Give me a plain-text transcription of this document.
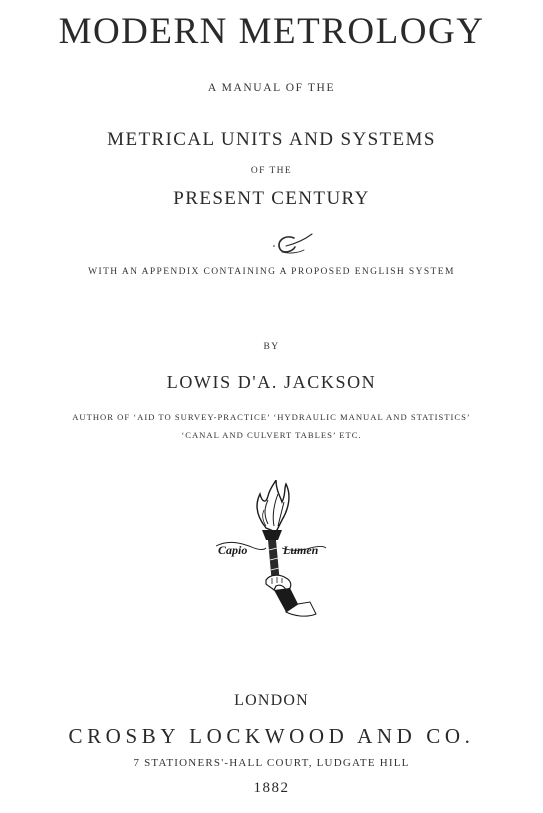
MODERN METROLOGY
A MANUAL OF THE
METRICAL UNITS AND SYSTEMS
OF THE
PRESENT CENTURY
WITH AN APPENDIX CONTAINING A PROPOSED ENGLISH SYSTEM
BY
LOWIS D'A. JACKSON
AUTHOR OF ‘AID TO SURVEY-PRACTICE’ ‘HYDRAULIC MANUAL AND STATISTICS’
‘CANAL AND CULVERT TABLES’ ETC.
Capio	Lumen
LONDON
CROSBY LOCKWOOD AND CO.
7 STATIONERS'-HALL COURT, LUDGATE HILL
1882
